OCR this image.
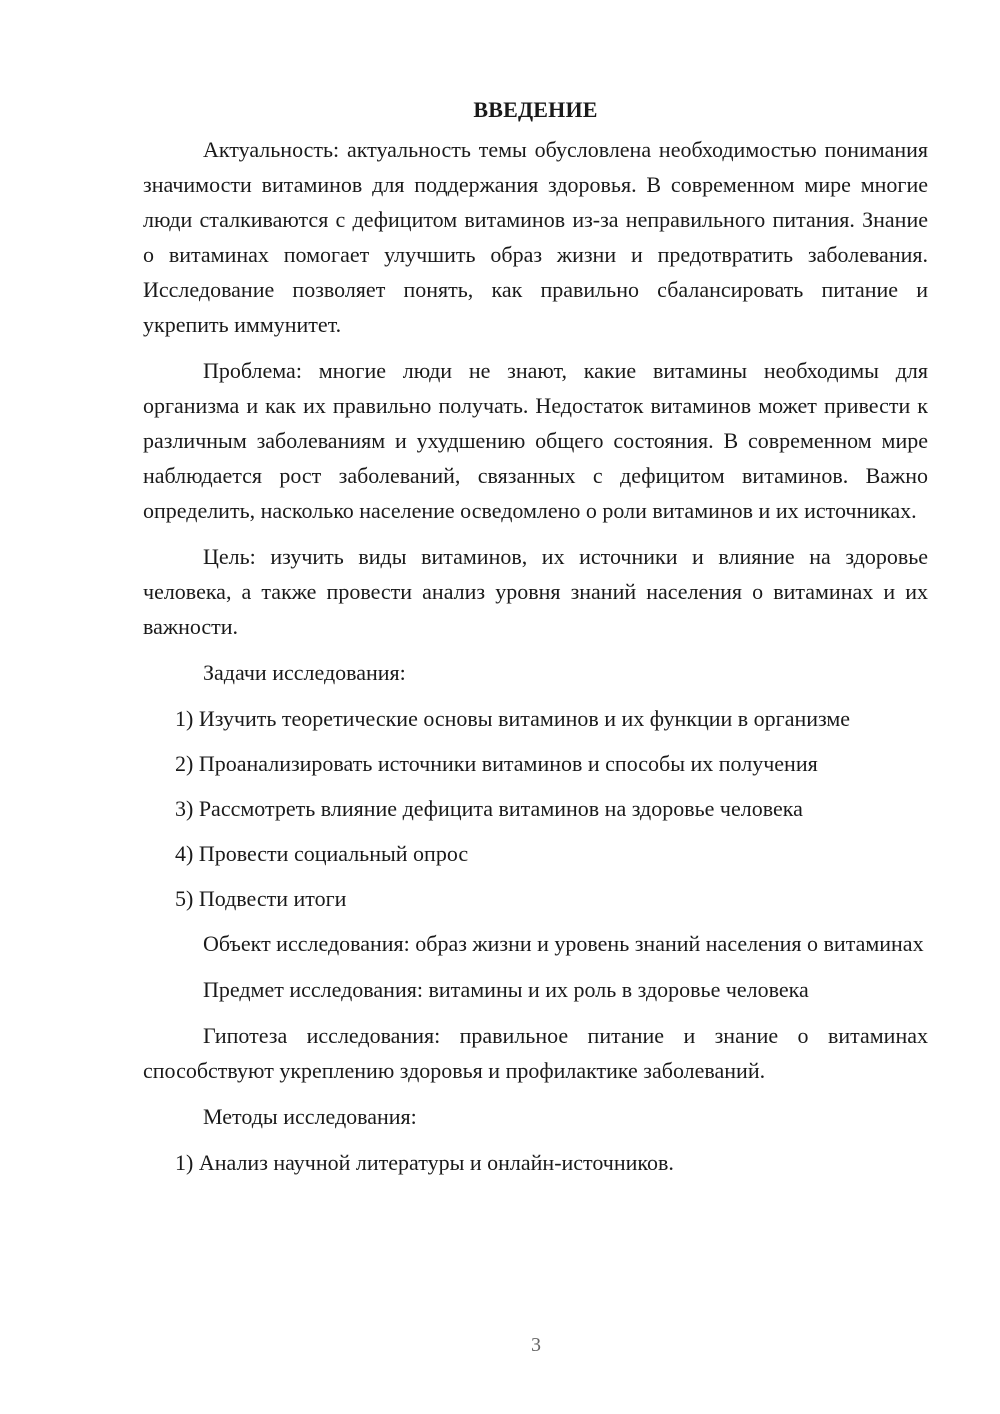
ВВЕДЕНИЕ

Актуальность: актуальность темы обусловлена необходимостью понимания значимости витаминов для поддержания здоровья. В современном мире многие люди сталкиваются с дефицитом витаминов из-за неправильного питания. Знание о витаминах помогает улучшить образ жизни и предотвратить заболевания. Исследование позволяет понять, как правильно сбалансировать питание и укрепить иммунитет.

Проблема: многие люди не знают, какие витамины необходимы для организма и как их правильно получать. Недостаток витаминов может привести к различным заболеваниям и ухудшению общего состояния. В современном мире наблюдается рост заболеваний, связанных с дефицитом витаминов. Важно определить, насколько население осведомлено о роли витаминов и их источниках.

Цель: изучить виды витаминов, их источники и влияние на здоровье человека, а также провести анализ уровня знаний населения о витаминах и их важности.

Задачи исследования:

1) Изучить теоретические основы витаминов и их функции в организме

2) Проанализировать источники витаминов и способы их получения

3) Рассмотреть влияние дефицита витаминов на здоровье человека

4) Провести социальный опрос

5) Подвести итоги

Объект исследования: образ жизни и уровень знаний населения о витаминах

Предмет исследования: витамины и их роль в здоровье человека

Гипотеза исследования: правильное питание и знание о витаминах способствуют укреплению здоровья и профилактике заболеваний.

Методы исследования:

1) Анализ научной литературы и онлайн-источников.

3
